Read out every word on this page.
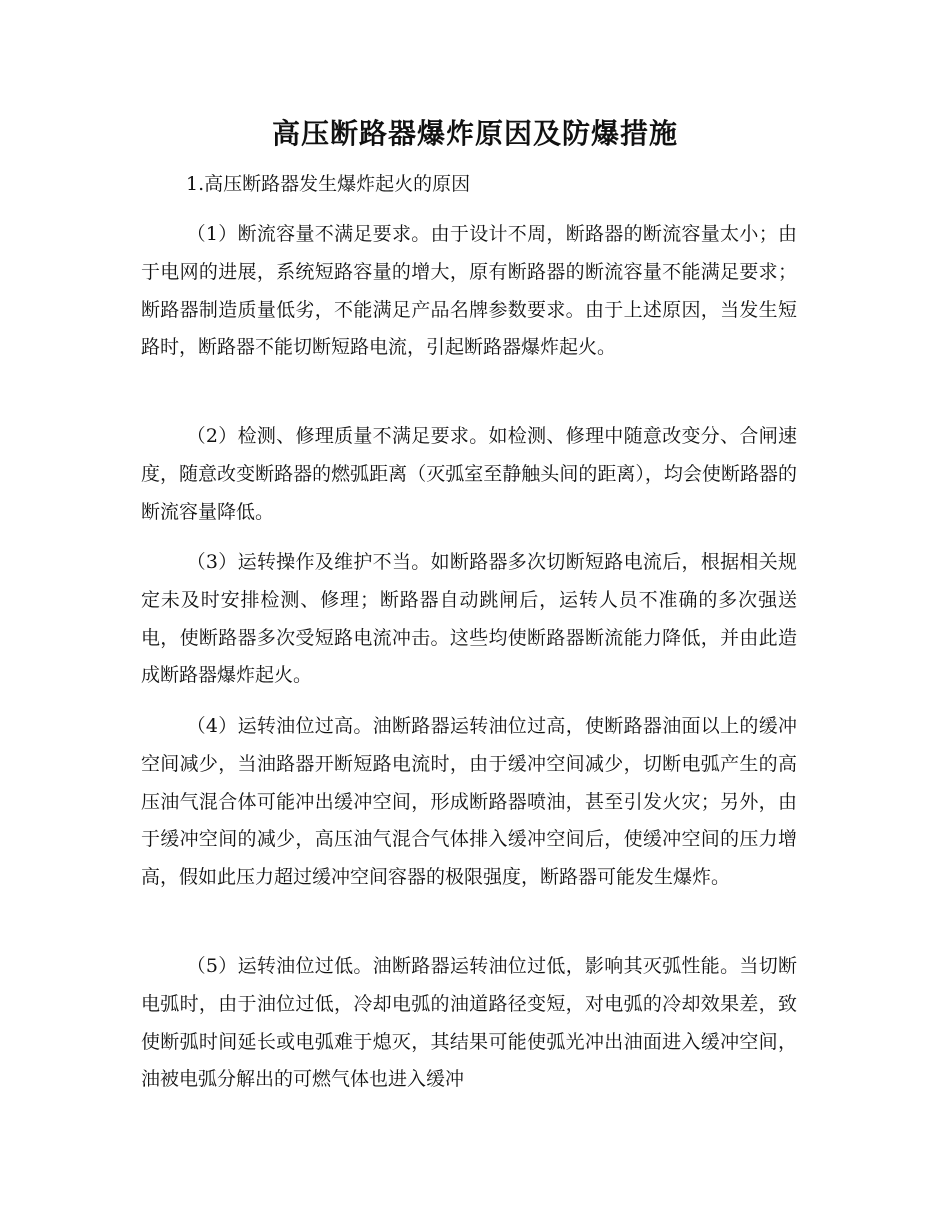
高压断路器爆炸原因及防爆措施

1.高压断路器发生爆炸起火的原因

（1）断流容量不满足要求。由于设计不周，断路器的断流容量太小；由于电网的进展，系统短路容量的增大，原有断路器的断流容量不能满足要求；断路器制造质量低劣，不能满足产品名牌参数要求。由于上述原因，当发生短路时，断路器不能切断短路电流，引起断路器爆炸起火。

（2）检测、修理质量不满足要求。如检测、修理中随意改变分、合闸速度，随意改变断路器的燃弧距离（灭弧室至静触头间的距离），均会使断路器的断流容量降低。

（3）运转操作及维护不当。如断路器多次切断短路电流后，根据相关规定未及时安排检测、修理；断路器自动跳闸后，运转人员不准确的多次强送电，使断路器多次受短路电流冲击。这些均使断路器断流能力降低，并由此造成断路器爆炸起火。

（4）运转油位过高。油断路器运转油位过高，使断路器油面以上的缓冲空间减少，当油路器开断短路电流时，由于缓冲空间减少，切断电弧产生的高压油气混合体可能冲出缓冲空间，形成断路器喷油，甚至引发火灾；另外，由于缓冲空间的减少，高压油气混合气体排入缓冲空间后，使缓冲空间的压力增高，假如此压力超过缓冲空间容器的极限强度，断路器可能发生爆炸。

（5）运转油位过低。油断路器运转油位过低，影响其灭弧性能。当切断电弧时，由于油位过低，冷却电弧的油道路径变短，对电弧的冷却效果差，致使断弧时间延长或电弧难于熄灭，其结果可能使弧光冲出油面进入缓冲空间，油被电弧分解出的可燃气体也进入缓冲
